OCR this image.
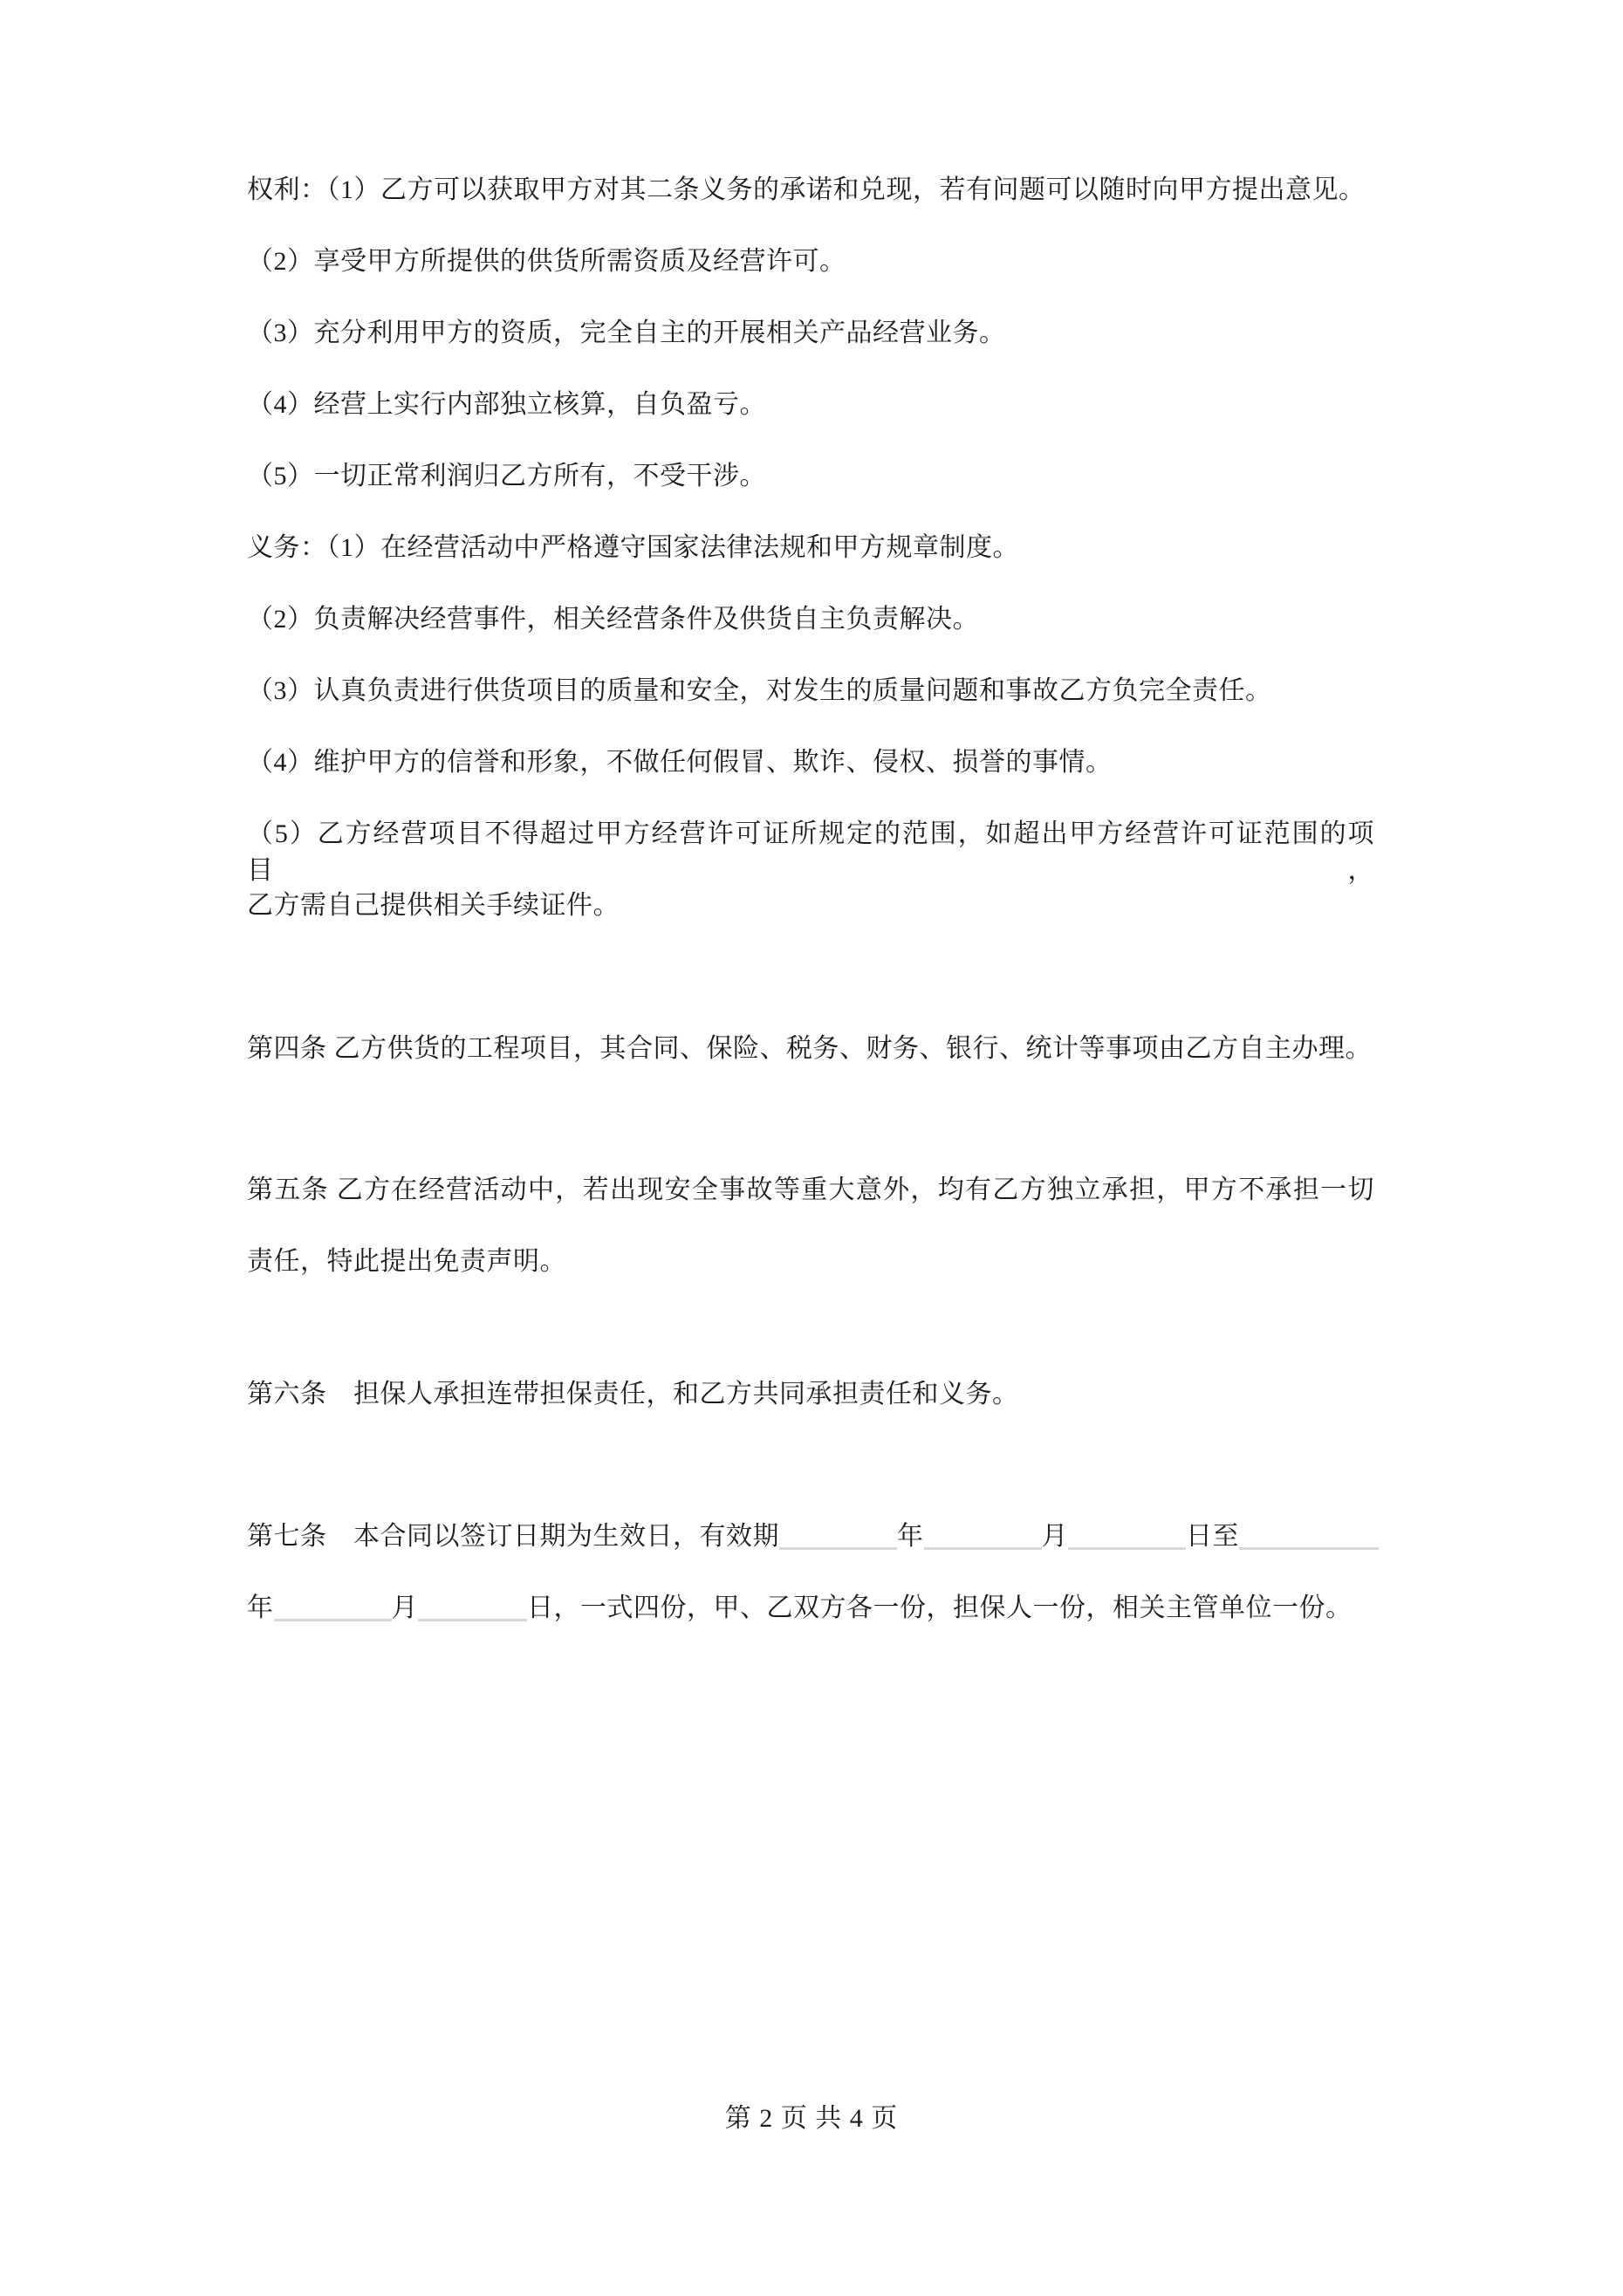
权利：（1）乙方可以获取甲方对其二条义务的承诺和兑现，若有问题可以随时向甲方提出意见。
（2）享受甲方所提供的供货所需资质及经营许可。
（3）充分利用甲方的资质，完全自主的开展相关产品经营业务。
（4）经营上实行内部独立核算，自负盈亏。
（5）一切正常利润归乙方所有，不受干涉。
义务：（1）在经营活动中严格遵守国家法律法规和甲方规章制度。
（2）负责解决经营事件，相关经营条件及供货自主负责解决。
（3）认真负责进行供货项目的质量和安全，对发生的质量问题和事故乙方负完全责任。
（4）维护甲方的信誉和形象，不做任何假冒、欺诈、侵权、损誉的事情。
（5）乙方经营项目不得超过甲方经营许可证所规定的范围，如超出甲方经营许可证范围的项目，
乙方需自己提供相关手续证件。
第四条 乙方供货的工程项目，其合同、保险、税务、财务、银行、统计等事项由乙方自主办理。
第五条 乙方在经营活动中，若出现安全事故等重大意外，均有乙方独立承担，甲方不承担一切
责任，特此提出免责声明。
第六条　担保人承担连带担保责任，和乙方共同承担责任和义务。
第七条　本合同以签订日期为生效日，有效期	年	月	日至
年	月	日，一式四份，甲、乙双方各一份，担保人一份，相关主管单位一份。
第 2 页 共 4 页
